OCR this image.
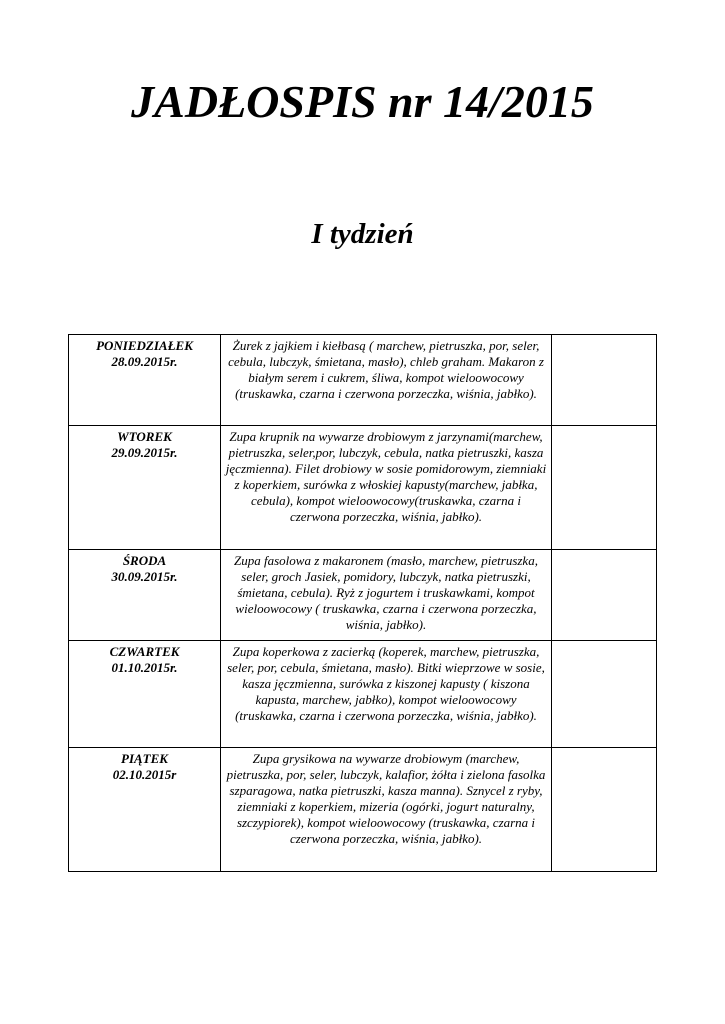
JADŁOSPIS nr 14/2015
I tydzień
PONIEDZIAŁEK
28.09.2015r.	Żurek z jajkiem i kiełbasą ( marchew, pietruszka, por, seler, cebula, lubczyk, śmietana, masło), chleb graham. Makaron z białym serem i cukrem, śliwa, kompot wieloowocowy (truskawka, czarna i czerwona porzeczka, wiśnia, jabłko).	

WTOREK
29.09.2015r.	Zupa krupnik na wywarze drobiowym z jarzynami(marchew, pietruszka, seler,por, lubczyk, cebula, natka pietruszki, kasza jęczmienna). Filet drobiowy w sosie pomidorowym, ziemniaki z koperkiem, surówka z włoskiej kapusty(marchew, jabłka, cebula), kompot wieloowocowy(truskawka, czarna i czerwona porzeczka, wiśnia, jabłko).	

ŚRODA
30.09.2015r.	Zupa fasolowa z makaronem (masło, marchew, pietruszka, seler, groch Jasiek, pomidory, lubczyk, natka pietruszki, śmietana, cebula). Ryż z jogurtem i truskawkami, kompot wieloowocowy ( truskawka, czarna i czerwona porzeczka, wiśnia, jabłko).	

CZWARTEK
01.10.2015r.	Zupa koperkowa z zacierką (koperek, marchew, pietruszka, seler, por, cebula, śmietana, masło). Bitki wieprzowe w sosie, kasza jęczmienna, surówka z kiszonej kapusty ( kiszona kapusta, marchew, jabłko), kompot wieloowocowy (truskawka, czarna i czerwona porzeczka, wiśnia, jabłko).	

PIĄTEK
02.10.2015r	Zupa grysikowa na wywarze drobiowym (marchew, pietruszka, por, seler, lubczyk, kalafior, żółta i zielona fasolka szparagowa, natka pietruszki, kasza manna). Sznycel z ryby, ziemniaki z koperkiem, mizeria (ogórki, jogurt naturalny, szczypiorek), kompot wieloowocowy (truskawka, czarna i czerwona porzeczka, wiśnia, jabłko).	
